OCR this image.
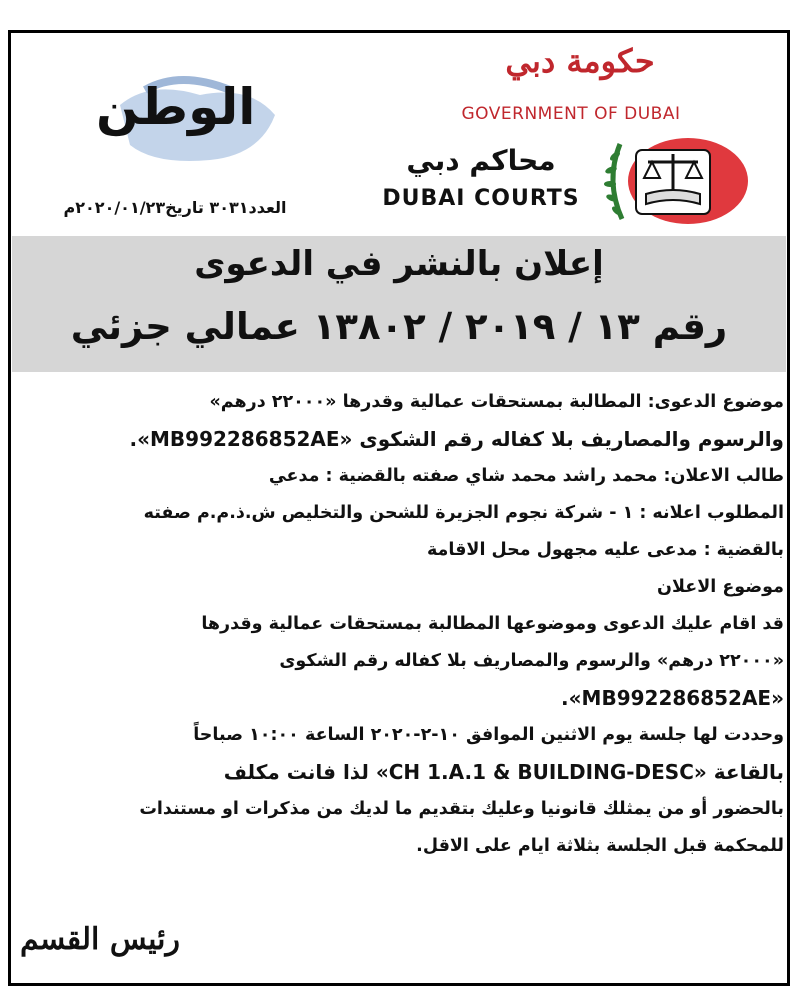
الوطن
العدد٣٠٣١ تاريخ٢٠٢٠/٠١/٢٣م
حكومة دبي
GOVERNMENT OF DUBAI
محاكم دبي
DUBAI COURTS
إعلان بالنشر في الدعوى
رقم ١٣ / ٢٠١٩ / ١٣٨٠٢ عمالي جزئي
موضوع الدعوى: المطالبة بمستحقات عمالية وقدرها «٢٢٠٠٠ درهم»
والرسوم والمصاريف بلا كفاله رقم الشكوى «MB992286852AE».
طالب الاعلان: محمد راشد محمد شاي صفته بالقضية : مدعي
المطلوب اعلانه : ١ - شركة نجوم الجزيرة للشحن والتخليص ش.ذ.م.م صفته
بالقضية : مدعى عليه مجهول محل الاقامة
موضوع الاعلان
قد اقام عليك الدعوى وموضوعها المطالبة بمستحقات عمالية وقدرها
«٢٢٠٠٠ درهم» والرسوم والمصاريف بلا كفاله رقم الشكوى
«MB992286852AE».
وحددت لها جلسة يوم الاثنين الموافق ١٠-٢-٢٠٢٠ الساعة ١٠:٠٠ صباحاً
بالقاعة «CH 1.A.1 & BUILDING-DESC» لذا فانت مكلف
بالحضور أو من يمثلك قانونيا وعليك بتقديم ما لديك من مذكرات او مستندات
للمحكمة قبل الجلسة بثلاثة ايام على الاقل.
رئيس القسم
